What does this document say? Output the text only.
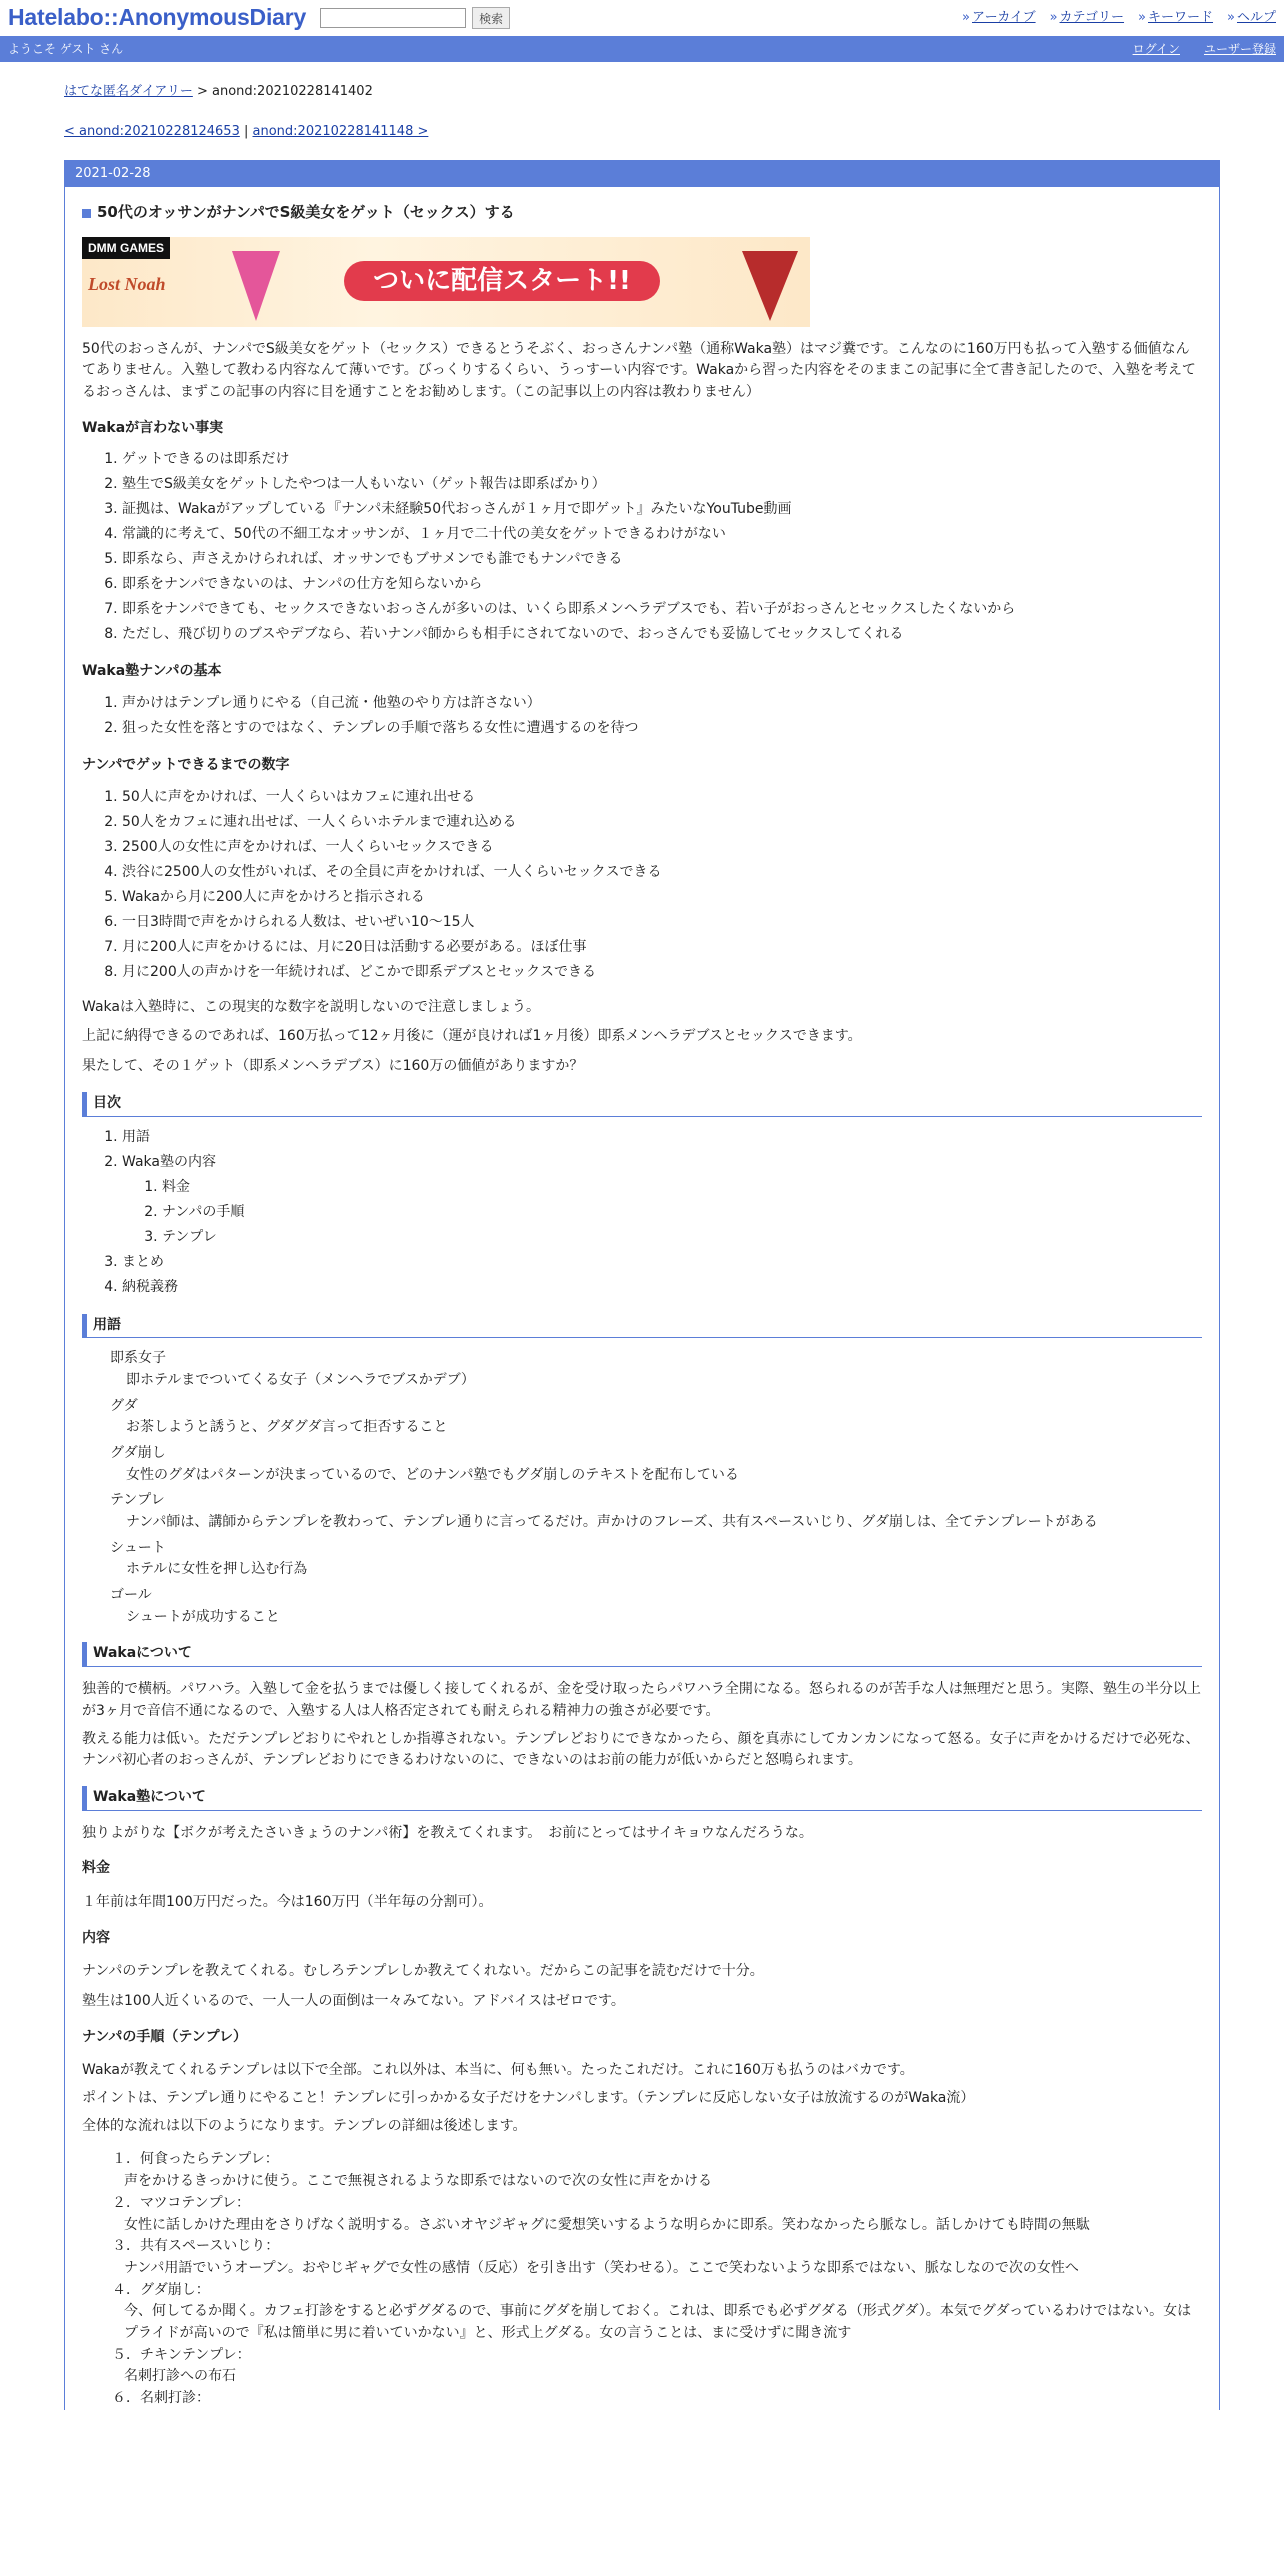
Hatelabo::AnonymousDiary	検索	» アーカイブ	» カテゴリー	» キーワード	» ヘルプ
ようこそ ゲスト さん	ログイン ユーザー登録
はてな匿名ダイアリー > anond:20210228141402
< anond:20210228124653 | anond:20210228141148 >
2021-02-28
50代のオッサンがナンパでS級美女をゲット（セックス）する
DMM GAMES
Lost Noah	ついに配信スタート!!

50代のおっさんが、ナンパでS級美女をゲット（セックス）できるとうそぶく、おっさんナンパ塾（通称Waka塾）はマジ糞です。こんなのに160万円も払って入塾する価値なんてありません。入塾して教わる内容なんて薄いです。びっくりするくらい、うっすーい内容です。Wakaから習った内容をそのままこの記事に全て書き記したので、入塾を考えてるおっさんは、まずこの記事の内容に目を通すことをお勧めします。（この記事以上の内容は教わりません）

Wakaが言わない事実
1. ゲットできるのは即系だけ
2. 塾生でS級美女をゲットしたやつは一人もいない（ゲット報告は即系ばかり）
3. 証拠は、Wakaがアップしている『ナンパ未経験50代おっさんが１ヶ月で即ゲット』みたいなYouTube動画
4. 常識的に考えて、50代の不細工なオッサンが、１ヶ月で二十代の美女をゲットできるわけがない
5. 即系なら、声さえかけられれば、オッサンでもブサメンでも誰でもナンパできる
6. 即系をナンパできないのは、ナンパの仕方を知らないから
7. 即系をナンパできても、セックスできないおっさんが多いのは、いくら即系メンヘラデブスでも、若い子がおっさんとセックスしたくないから
8. ただし、飛び切りのブスやデブなら、若いナンパ師からも相手にされてないので、おっさんでも妥協してセックスしてくれる
Waka塾ナンパの基本
1. 声かけはテンプレ通りにやる（自己流・他塾のやり方は許さない）
2. 狙った女性を落とすのではなく、テンプレの手順で落ちる女性に遭遇するのを待つ
ナンパでゲットできるまでの数字
1. 50人に声をかければ、一人くらいはカフェに連れ出せる
2. 50人をカフェに連れ出せば、一人くらいホテルまで連れ込める
3. 2500人の女性に声をかければ、一人くらいセックスできる
4. 渋谷に2500人の女性がいれば、その全員に声をかければ、一人くらいセックスできる
5. Wakaから月に200人に声をかけろと指示される
6. 一日3時間で声をかけられる人数は、せいぜい10〜15人
7. 月に200人に声をかけるには、月に20日は活動する必要がある。ほぼ仕事
8. 月に200人の声かけを一年続ければ、どこかで即系デブスとセックスできる

Wakaは入塾時に、この現実的な数字を説明しないので注意しましょう。

上記に納得できるのであれば、160万払って12ヶ月後に（運が良ければ1ヶ月後）即系メンヘラデブスとセックスできます。

果たして、その１ゲット（即系メンヘラデブス）に160万の価値がありますか？

目次
1. 用語
2. Waka塾の内容
1. 料金
2. ナンパの手順
3. テンプレ
3. まとめ
4. 納税義務
用語
即系女子
即ホテルまでついてくる女子（メンヘラでブスかデブ）
グダ
お茶しようと誘うと、グダグダ言って拒否すること
グダ崩し
女性のグダはパターンが決まっているので、どのナンパ塾でもグダ崩しのテキストを配布している
テンプレ
ナンパ師は、講師からテンプレを教わって、テンプレ通りに言ってるだけ。声かけのフレーズ、共有スペースいじり、グダ崩しは、全てテンプレートがある
シュート
ホテルに女性を押し込む行為
ゴール
シュートが成功すること
Wakaについて

独善的で横柄。パワハラ。入塾して金を払うまでは優しく接してくれるが、金を受け取ったらパワハラ全開になる。怒られるのが苦手な人は無理だと思う。実際、塾生の半分以上が3ヶ月で音信不通になるので、入塾する人は人格否定されても耐えられる精神力の強さが必要です。

教える能力は低い。ただテンプレどおりにやれとしか指導されない。テンプレどおりにできなかったら、顔を真赤にしてカンカンになって怒る。女子に声をかけるだけで必死な、ナンパ初心者のおっさんが、テンプレどおりにできるわけないのに、できないのはお前の能力が低いからだと怒鳴られます。

Waka塾について

独りよがりな【ボクが考えたさいきょうのナンパ術】を教えてくれます。　お前にとってはサイキョウなんだろうな。

料金

１年前は年間100万円だった。今は160万円（半年毎の分割可）。

内容

ナンパのテンプレを教えてくれる。むしろテンプレしか教えてくれない。だからこの記事を読むだけで十分。

塾生は100人近くいるので、一人一人の面倒は一々みてない。アドバイスはゼロです。

ナンパの手順（テンプレ）

Wakaが教えてくれるテンプレは以下で全部。これ以外は、本当に、何も無い。たったこれだけ。これに160万も払うのはバカです。

ポイントは、テンプレ通りにやること！テンプレに引っかかる女子だけをナンパします。（テンプレに反応しない女子は放流するのがWaka流）

全体的な流れは以下のようになります。テンプレの詳細は後述します。

１．何食ったらテンプレ：
声をかけるきっかけに使う。ここで無視されるような即系ではないので次の女性に声をかける
２．マツコテンプレ：
女性に話しかけた理由をさりげなく説明する。さぶいオヤジギャグに愛想笑いするような明らかに即系。笑わなかったら脈なし。話しかけても時間の無駄
３．共有スペースいじり：
ナンパ用語でいうオープン。おやじギャグで女性の感情（反応）を引き出す（笑わせる）。ここで笑わないような即系ではない、脈なしなので次の女性へ
４．グダ崩し：
今、何してるか聞く。カフェ打診をすると必ずグダるので、事前にグダを崩しておく。これは、即系でも必ずグダる（形式グダ）。本気でグダっているわけではない。女はプライドが高いので『私は簡単に男に着いていかない』と、形式上グダる。女の言うことは、まに受けずに聞き流す
５．チキンテンプレ：
名刺打診への布石
６．名刺打診：
